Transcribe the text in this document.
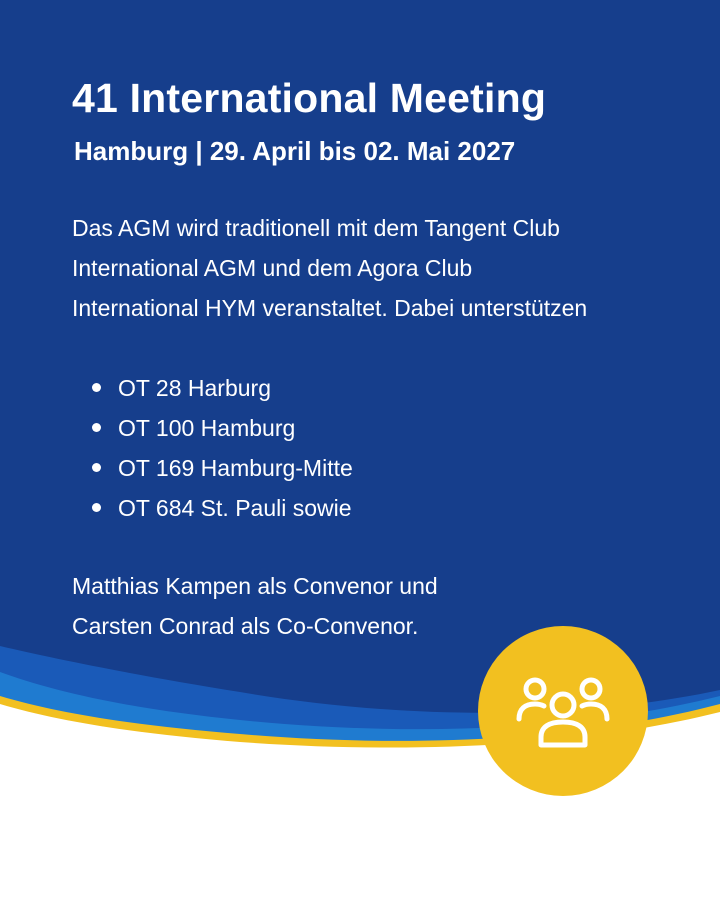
41 International Meeting
Hamburg | 29. April bis 02. Mai 2027

Das AGM wird traditionell mit dem Tangent Club
International AGM und dem Agora Club
International HYM veranstaltet. Dabei unterstützen

OT 28 Harburg
OT 100 Hamburg
OT 169 Hamburg-Mitte
OT 684 St. Pauli sowie

Matthias Kampen als Convenor und
Carsten Conrad als Co-Convenor.
